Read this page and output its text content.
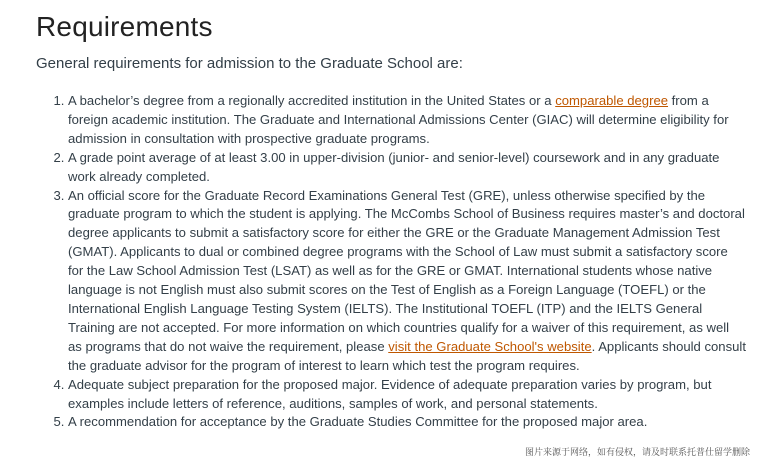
Requirements

General requirements for admission to the Graduate School are:

1. A bachelor’s degree from a regionally accredited institution in the United States or a comparable degree from a foreign academic institution. The Graduate and International Admissions Center (GIAC) will determine eligibility for admission in consultation with prospective graduate programs.
2. A grade point average of at least 3.00 in upper-division (junior- and senior-level) coursework and in any graduate work already completed.
3. An official score for the Graduate Record Examinations General Test (GRE), unless otherwise specified by the graduate program to which the student is applying. The McCombs School of Business requires master’s and doctoral degree applicants to submit a satisfactory score for either the GRE or the Graduate Management Admission Test (GMAT). Applicants to dual or combined degree programs with the School of Law must submit a satisfactory score for the Law School Admission Test (LSAT) as well as for the GRE or GMAT. International students whose native language is not English must also submit scores on the Test of English as a Foreign Language (TOEFL) or the International English Language Testing System (IELTS). The Institutional TOEFL (ITP) and the IELTS General Training are not accepted. For more information on which countries qualify for a waiver of this requirement, as well as programs that do not waive the requirement, please visit the Graduate School's website. Applicants should consult the graduate advisor for the program of interest to learn which test the program requires.
4. Adequate subject preparation for the proposed major. Evidence of adequate preparation varies by program, but examples include letters of reference, auditions, samples of work, and personal statements.
5. A recommendation for acceptance by the Graduate Studies Committee for the proposed major area.
图片来源于网络，如有侵权，请及时联系托普仕留学删除
